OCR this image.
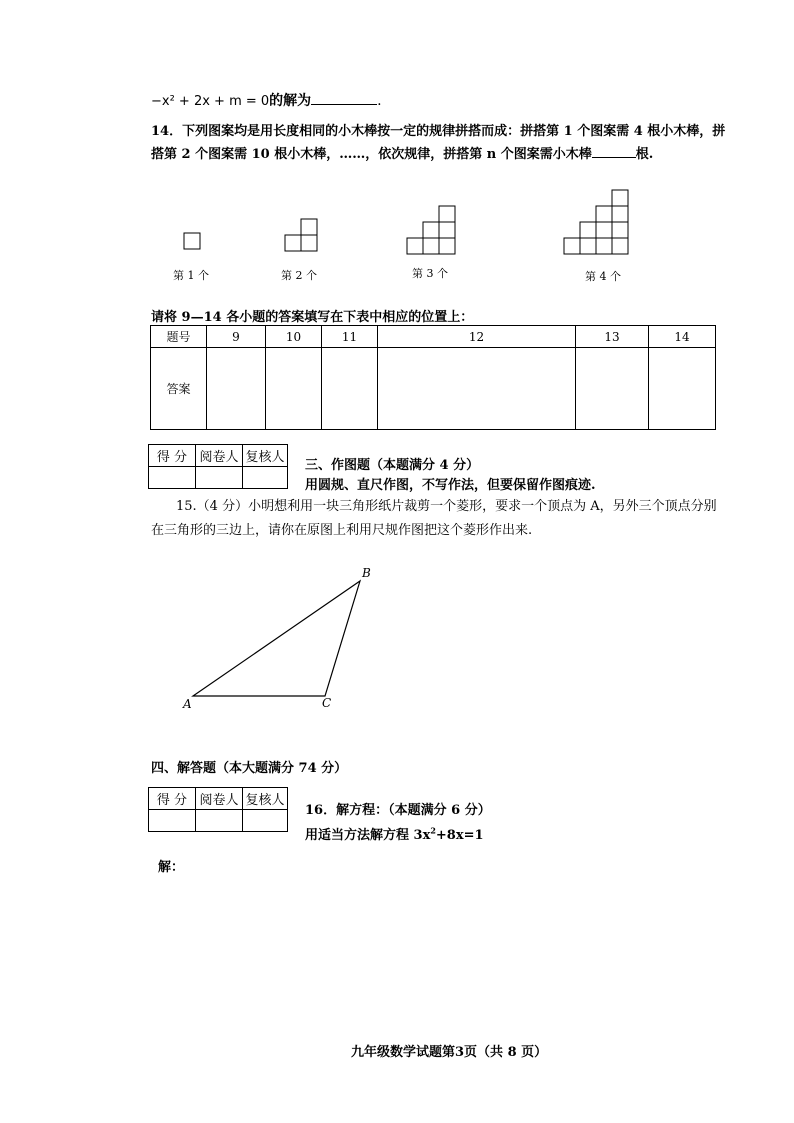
−x² + 2x + m = 0的解为	.
14．下列图案均是用长度相同的小木棒按一定的规律拼搭而成：拼搭第 1 个图案需 4 根小木棒，拼
搭第 2 个图案需 10 根小木棒，……，依次规律，拼搭第 n 个图案需小木棒	根.
第 1 个	第 2 个	第 3 个	第 4 个
请将 9—14 各小题的答案填写在下表中相应的位置上：
题号	9	10	11	12	13	14
答案						
得 分	阅卷人	复核人

三、作图题（本题满分 4 分）
用圆规、直尺作图，不写作法，但要保留作图痕迹.
15.（4 分）小明想利用一块三角形纸片裁剪一个菱形，要求一个顶点为 A，另外三个顶点分别
在三角形的三边上，请你在原图上利用尺规作图把这个菱形作出来.
A
B
C
四、解答题（本大题满分 74 分）
得 分	阅卷人	复核人

16．解方程：（本题满分 6 分）
用适当方法解方程 $3x^2+8x=1$
解：
九年级数学试题第3页（共 8 页）
